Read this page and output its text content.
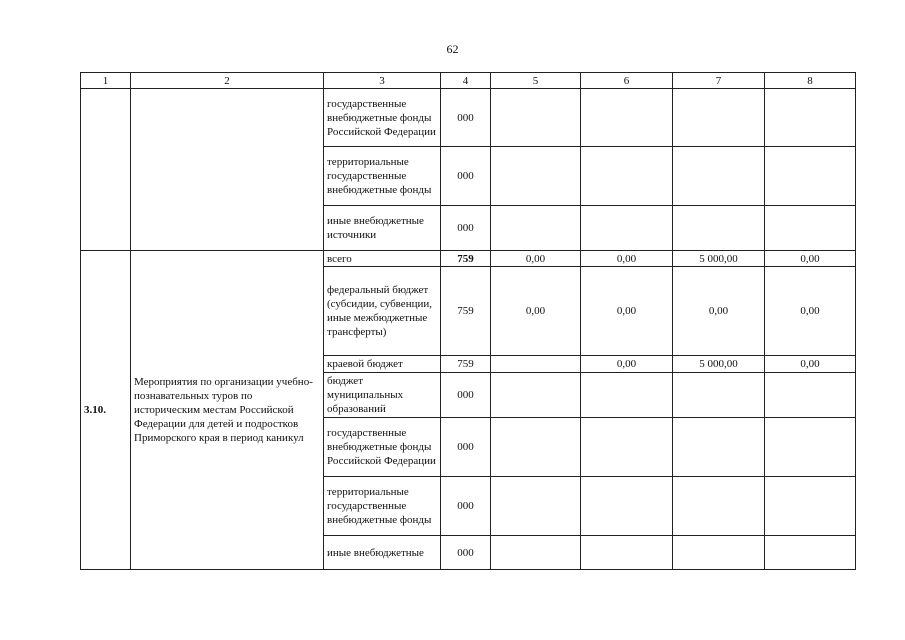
62
1	2	3	4	5	6	7	8
		государственные внебюджетные фонды Российской Федерации	000				
		территориальные государственные внебюджетные фонды	000				
		иные внебюджетные источники	000				
3.10.	Мероприятия по организации учебно-познавательных туров по историческим местам Российской Федерации для детей и подростков Приморского края в период каникул	всего	759	0,00	0,00	5 000,00	0,00
		федеральный бюджет (субсидии, субвенции, иные межбюджетные трансферты)	759	0,00	0,00	0,00	0,00
		краевой бюджет	759		0,00	5 000,00	0,00
		бюджет муниципальных образований	000				
		государственные внебюджетные фонды Российской Федерации	000				
		территориальные государственные внебюджетные фонды	000				
		иные внебюджетные	000				
